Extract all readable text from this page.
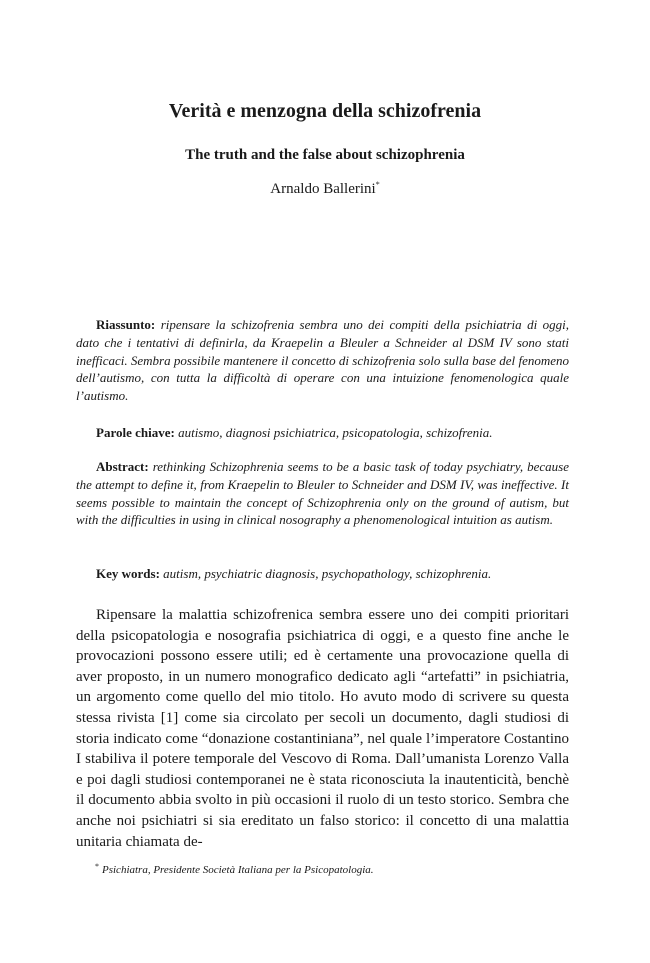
Verità e menzogna della schizofrenia
The truth and the false about schizophrenia
Arnaldo Ballerini*
Riassunto: ripensare la schizofrenia sembra uno dei compiti della psichiatria di oggi, dato che i tentativi di definirla, da Kraepelin a Bleuler a Schneider al DSM IV sono stati inefficaci. Sembra possibile mantenere il concetto di schizofrenia solo sulla base del fenomeno dell’autismo, con tutta la difficoltà di operare con una intuizione fenomenologica quale l’autismo.
Parole chiave: autismo, diagnosi psichiatrica, psicopatologia, schizofrenia.
Abstract: rethinking Schizophrenia seems to be a basic task of today psychiatry, because the attempt to define it, from Kraepelin to Bleuler to Schneider and DSM IV, was ineffective. It seems possible to maintain the concept of Schizophrenia only on the ground of autism, but with the difficulties in using in clinical nosography a phenomenological intuition as autism.
Key words: autism, psychiatric diagnosis, psychopathology, schizophrenia.
Ripensare la malattia schizofrenica sembra essere uno dei compiti prioritari della psicopatologia e nosografia psichiatrica di oggi, e a questo fine anche le provocazioni possono essere utili; ed è certamente una provocazione quella di aver proposto, in un numero monografico dedicato agli “artefatti” in psichiatria, un argomento come quello del mio titolo. Ho avuto modo di scrivere su questa stessa rivista [1] come sia circolato per secoli un documento, dagli studiosi di storia indicato come “donazione costantiniana”, nel quale l’imperatore Costantino I stabiliva il potere temporale del Vescovo di Roma. Dall’umanista Lorenzo Valla e poi dagli studiosi contemporanei ne è stata riconosciuta la inautenticità, benchè il documento abbia svolto in più occasioni il ruolo di un testo storico. Sembra che anche noi psichiatri si sia ereditato un falso storico: il concetto di una malattia unitaria chiamata de-
* Psichiatra, Presidente Società Italiana per la Psicopatologia.
